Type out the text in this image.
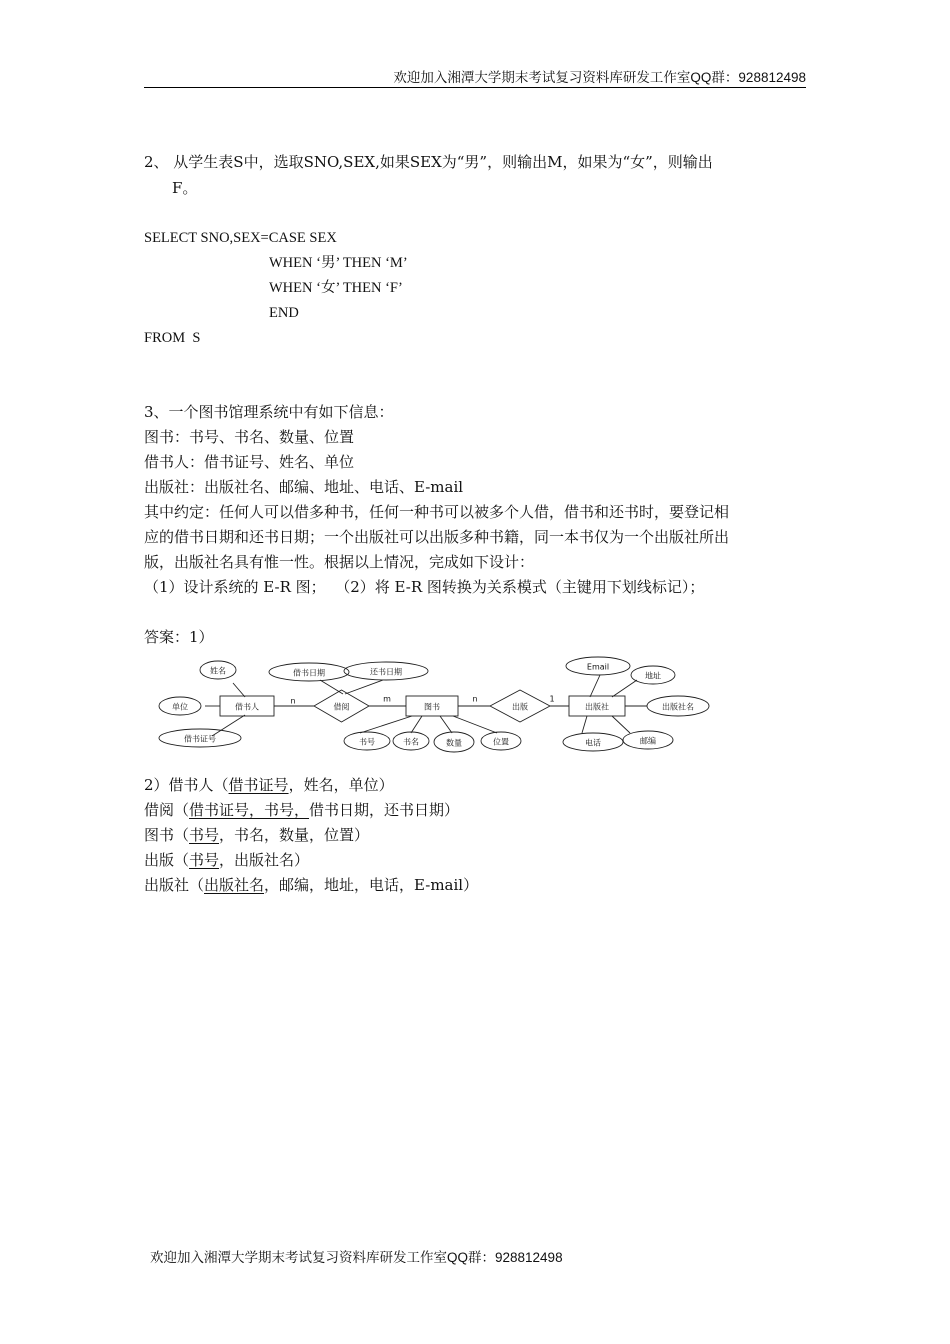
欢迎加入湘潭大学期末考试复习资料库研发工作室QQ群：928812498
2、 从学生表S中，选取SNO,SEX,如果SEX为“男”，则输出M，如果为“女”，则输出
F。
SELECT SNO,SEX=CASE SEX
WHEN ‘男’ THEN ‘M’
WHEN ‘女’ THEN ‘F’
END
FROM  S
3、一个图书馆理系统中有如下信息：
图书：书号、书名、数量、位置
借书人：借书证号、姓名、单位
出版社：出版社名、邮编、地址、电话、E-mail
其中约定：任何人可以借多种书，任何一种书可以被多个人借，借书和还书时，要登记相
应的借书日期和还书日期；一个出版社可以出版多种书籍，同一本书仅为一个出版社所出
版，出版社名具有惟一性。根据以上情况，完成如下设计：
（1）设计系统的 E-R 图；  （2）将 E-R 图转换为关系模式（主键用下划线标记）；
答案：1）
借书人	图书	出版社
借阅	出版
姓名
单位
借书证号
借书日期	还书日期
书号	书名	数量	位置
Email
地址
出版社名
电话	邮编
n	m	n	1
2）借书人（借书证号，姓名，单位）
借阅（借书证号，书号，借书日期，还书日期）
图书（书号，书名，数量，位置）
出版（书号，出版社名）
出版社（出版社名，邮编，地址，电话，E-mail）
欢迎加入湘潭大学期末考试复习资料库研发工作室QQ群：928812498
